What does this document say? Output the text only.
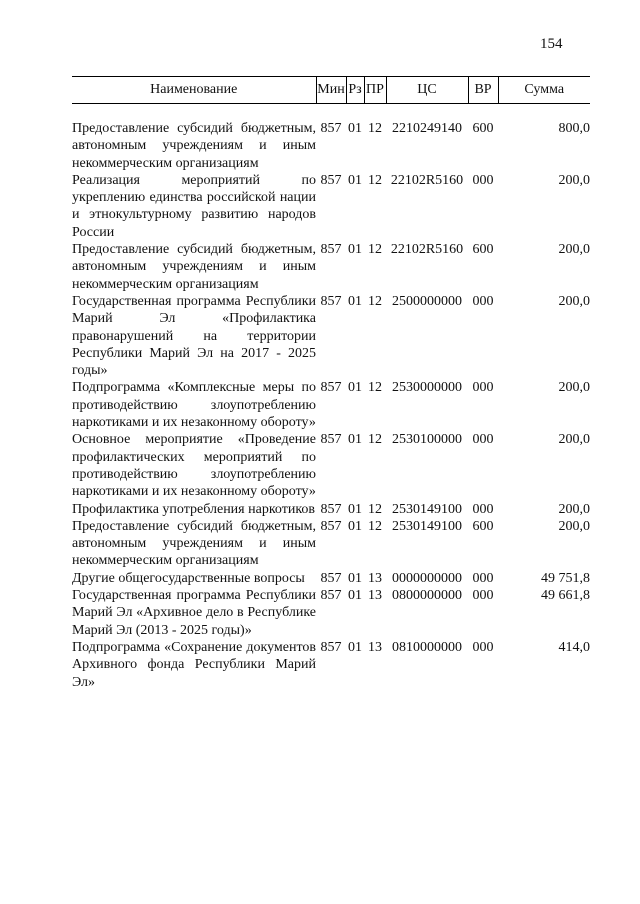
154
Наименование	Мин	Рз	ПР	ЦС	ВР	Сумма

Предоставление субсидий бюджетным, автономным учреждениям и иным некоммерческим организациям	857	01	12	2210249140	600	800,0
Реализация мероприятий по укреплению единства российской нации и этнокультурному развитию народов России	857	01	12	22102R5160	000	200,0
Предоставление субсидий бюджетным, автономным учреждениям и иным некоммерческим организациям	857	01	12	22102R5160	600	200,0
Государственная программа Республики Марий Эл «Профилактика правонарушений на территории Республики Марий Эл на 2017 - 2025 годы»	857	01	12	2500000000	000	200,0
Подпрограмма «Комплексные меры по противодействию злоупотреблению наркотиками и их незаконному обороту»	857	01	12	2530000000	000	200,0
Основное мероприятие «Проведение профилактических мероприятий по противодействию злоупотреблению наркотиками и их незаконному обороту»	857	01	12	2530100000	000	200,0
Профилактика употребления наркотиков	857	01	12	2530149100	000	200,0
Предоставление субсидий бюджетным, автономным учреждениям и иным некоммерческим организациям	857	01	12	2530149100	600	200,0
Другие общегосударственные вопросы	857	01	13	0000000000	000	49 751,8
Государственная программа Республики Марий Эл «Архивное дело в Республике Марий Эл (2013 - 2025 годы)»	857	01	13	0800000000	000	49 661,8
Подпрограмма «Сохранение документов Архивного фонда Республики Марий Эл»	857	01	13	0810000000	000	414,0
